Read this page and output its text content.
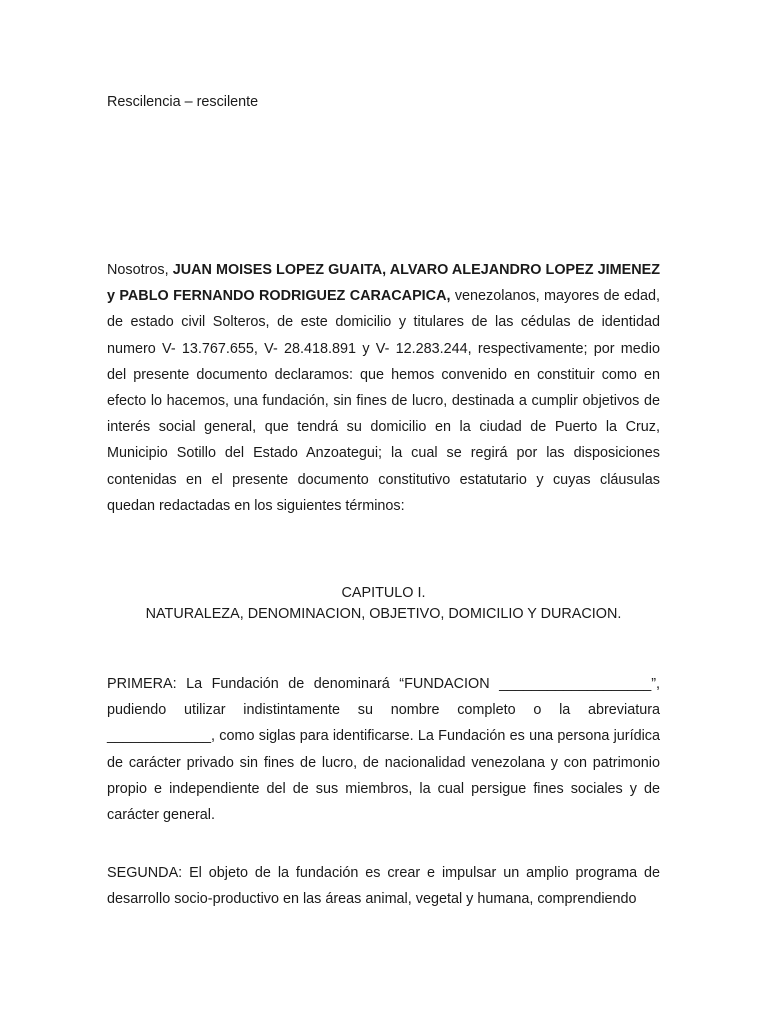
Rescilencia – rescilente

Nosotros, JUAN MOISES LOPEZ GUAITA, ALVARO ALEJANDRO LOPEZ JIMENEZ y PABLO FERNANDO RODRIGUEZ CARACAPICA, venezolanos, mayores de edad, de estado civil Solteros, de este domicilio y titulares de las cédulas de identidad numero V- 13.767.655, V- 28.418.891 y V- 12.283.244, respectivamente; por medio del presente documento declaramos: que hemos convenido en constituir como en efecto lo hacemos, una fundación, sin fines de lucro, destinada a cumplir objetivos de interés social general, que tendrá su domicilio en la ciudad de Puerto la Cruz, Municipio Sotillo del Estado Anzoategui; la cual se regirá por las disposiciones contenidas en el presente documento constitutivo estatutario y cuyas cláusulas quedan redactadas en los siguientes términos:

CAPITULO I.
NATURALEZA, DENOMINACION, OBJETIVO, DOMICILIO Y DURACION.

PRIMERA: La Fundación de denominará “FUNDACION ___________________”, pudiendo utilizar indistintamente su nombre completo o la abreviatura _____________, como siglas para identificarse. La Fundación es una persona jurídica de carácter privado sin fines de lucro, de nacionalidad venezolana y con patrimonio propio e independiente del de sus miembros, la cual persigue fines sociales y de carácter general.

SEGUNDA: El objeto de la fundación es crear e impulsar un amplio programa de desarrollo socio-productivo en las áreas animal, vegetal y humana, comprendiendo
